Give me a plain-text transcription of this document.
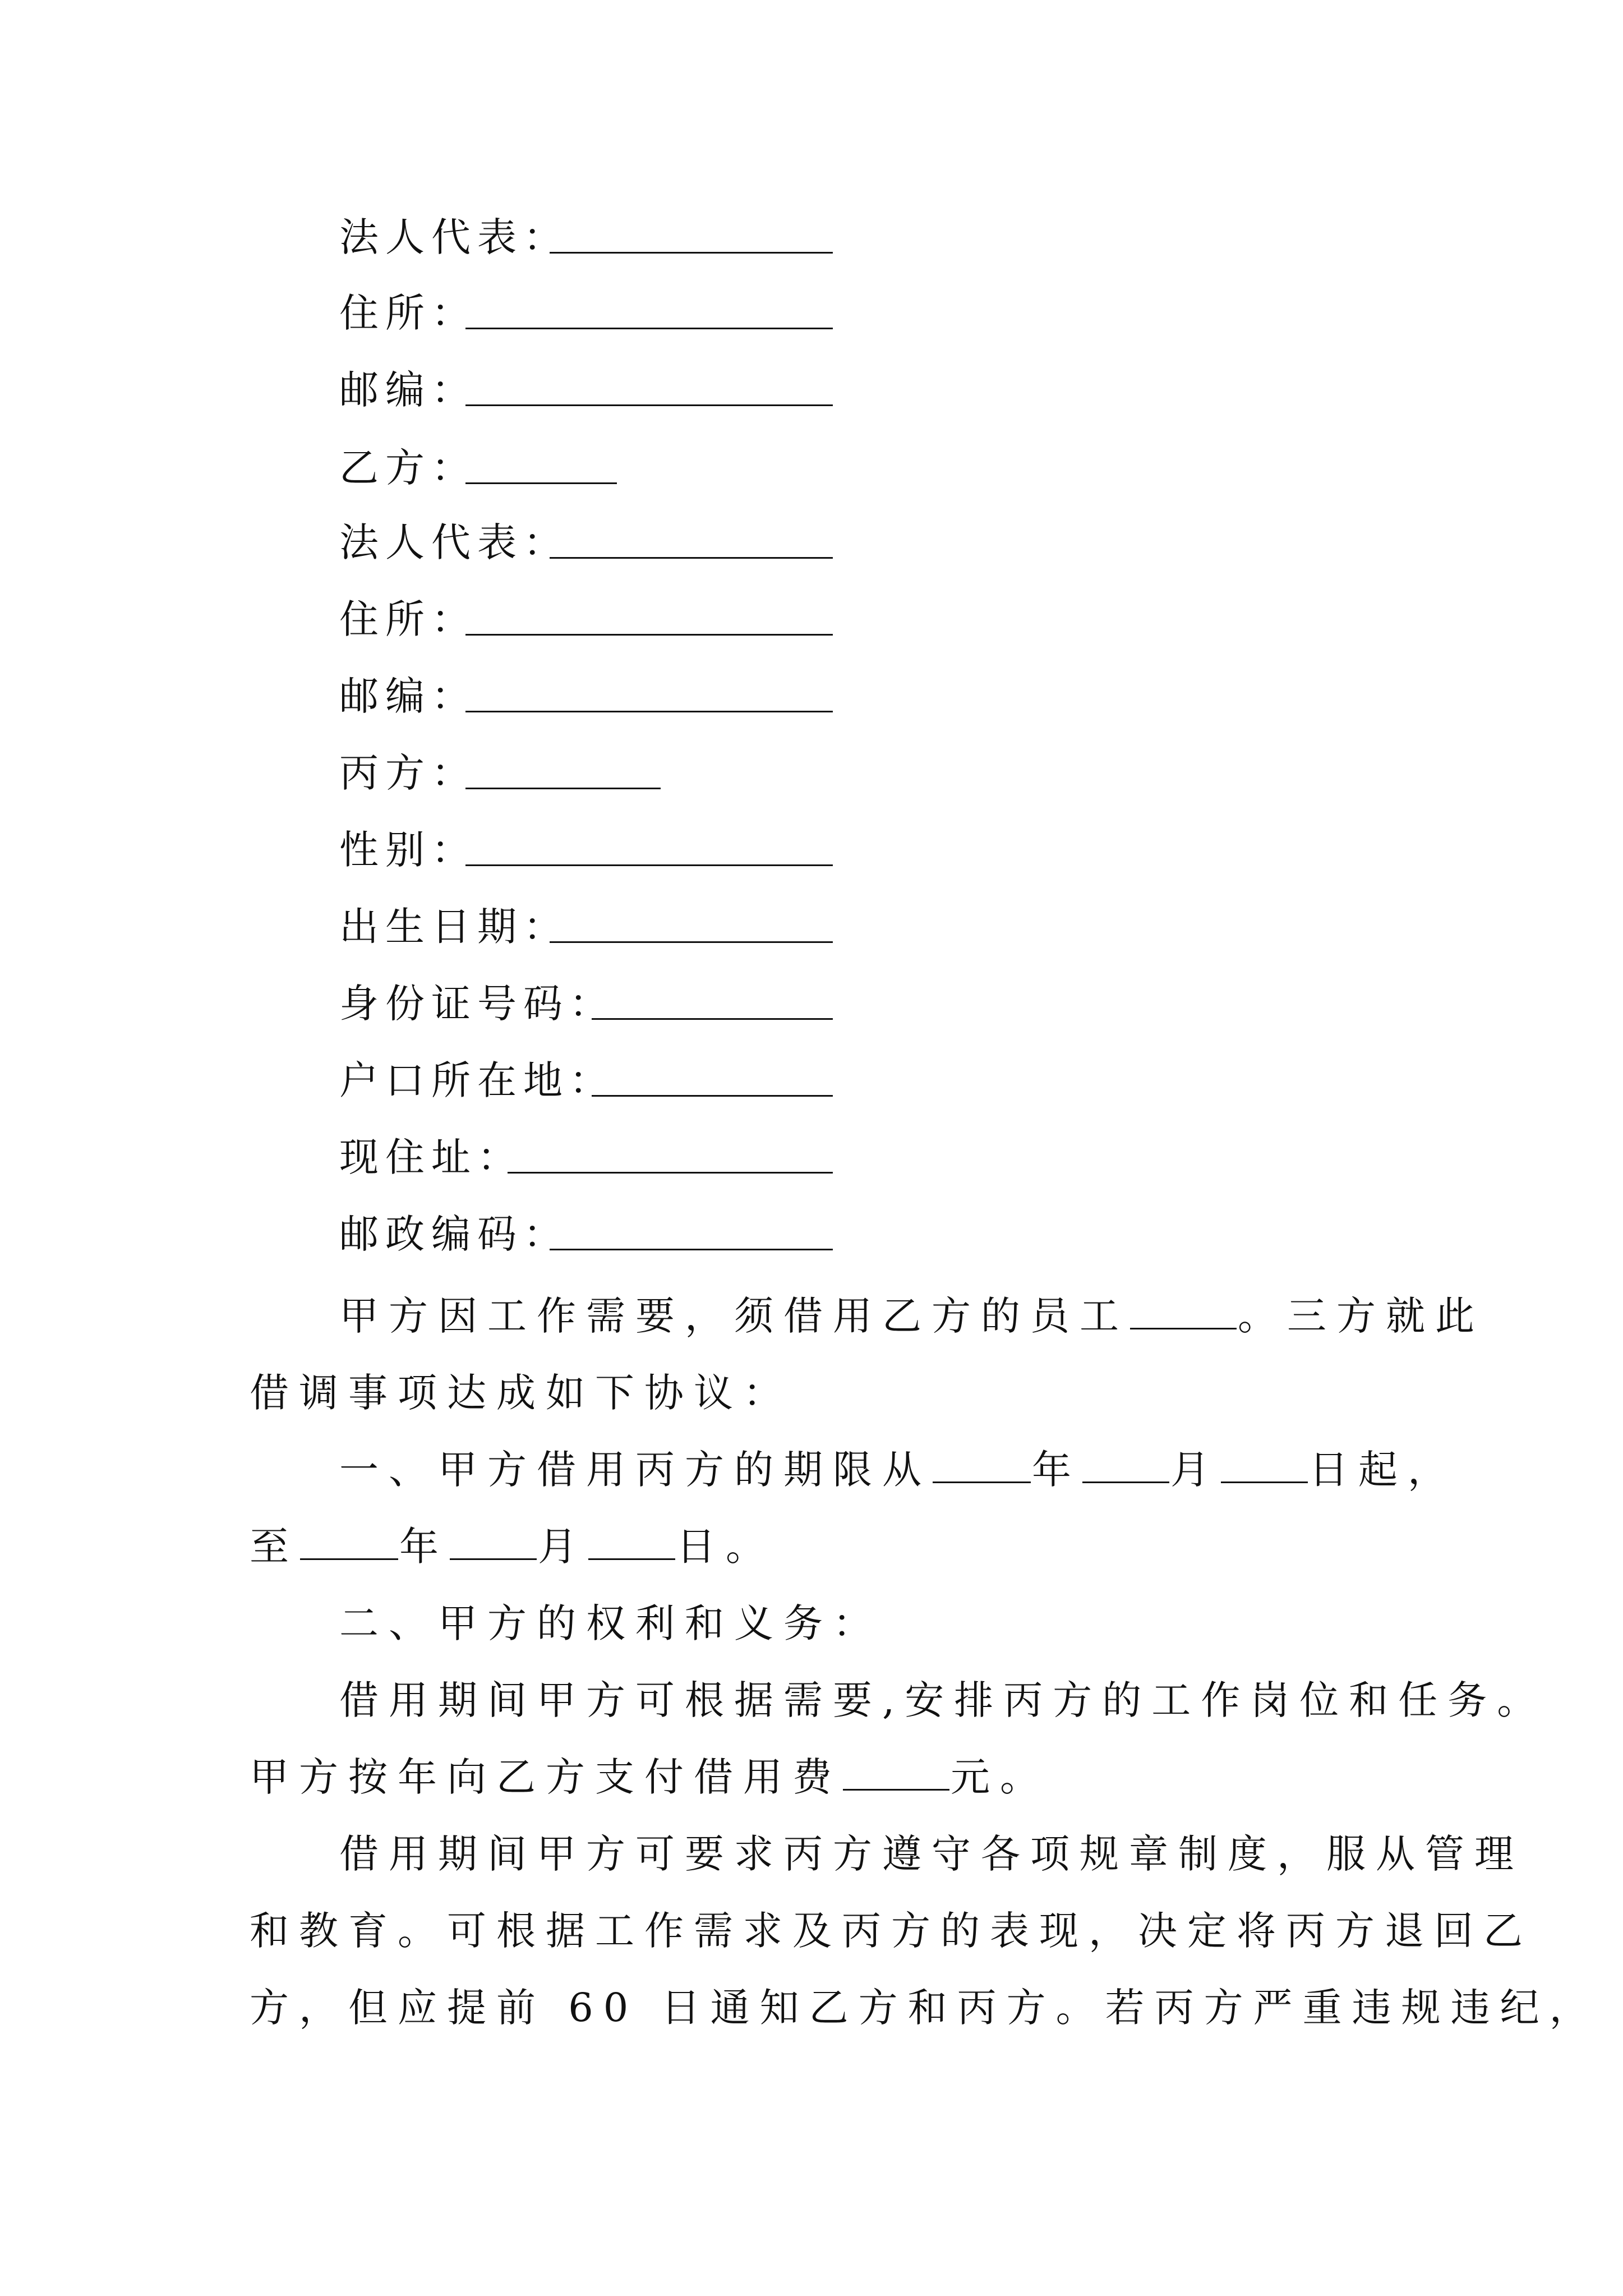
法人代表：
住所：
邮编：
乙方：
法人代表：
住所：
邮编：
丙方：
性别：
出生日期：
身份证号码：
户口所在地：
现住址：
邮政编码：
甲方因工作需要，须借用乙方的员工	。三方就此
借调事项达成如下协议：
一、甲方借用丙方的期限从	年 月 日起，
至	年 月 日。
二、甲方的权利和义务：
借用期间甲方可根据需要,安排丙方的工作岗位和任务。
甲方按年向乙方支付借用费	元。
借用期间甲方可要求丙方遵守各项规章制度，服从管理
和教育。可根据工作需求及丙方的表现，决定将丙方退回乙
方，但应提前 60 日通知乙方和丙方。若丙方严重违规违纪，
